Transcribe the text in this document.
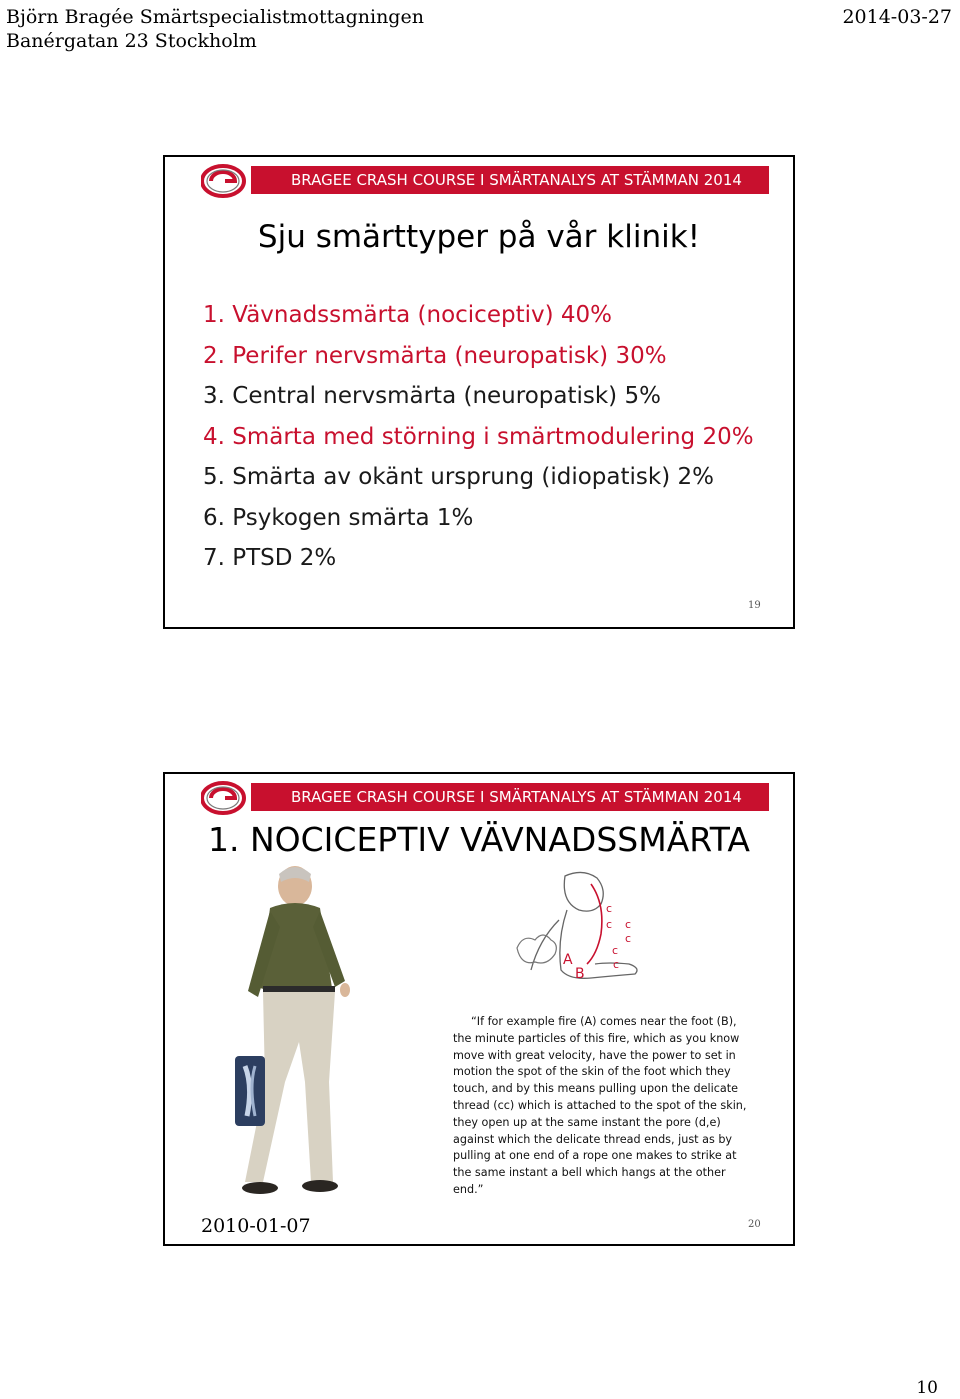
Björn Bragée Smärtspecialistmottagningen
Banérgatan 23 Stockholm
2014-03-27
BRAGEE CRASH COURSE I SMÄRTANALYS AT STÄMMAN 2014
Sju smärttyper på vår klinik!
1. Vävnadssmärta (nociceptiv) 40%
2. Perifer nervsmärta (neuropatisk) 30%
3. Central nervsmärta (neuropatisk) 5%
4. Smärta med störning i smärtmodulering 20%
5. Smärta av okänt ursprung (idiopatisk) 2%
6. Psykogen smärta 1%
7. PTSD 2%
19
BRAGEE CRASH COURSE I SMÄRTANALYS AT STÄMMAN 2014
1. NOCICEPTIV VÄVNADSSMÄRTA
A
B
c
c c
c
c
c
“If for example fire (A) comes near the foot (B), the minute particles of this fire, which as you know move with great velocity, have the power to set in motion the spot of the skin of the foot which they touch, and by this means pulling upon the delicate thread (cc) which is attached to the spot of the skin, they open up at the same instant the pore (d,e) against which the delicate thread ends, just as by pulling at one end of a rope one makes to strike at the same instant a bell which hangs at the other end.”
2010-01-07	20
10
